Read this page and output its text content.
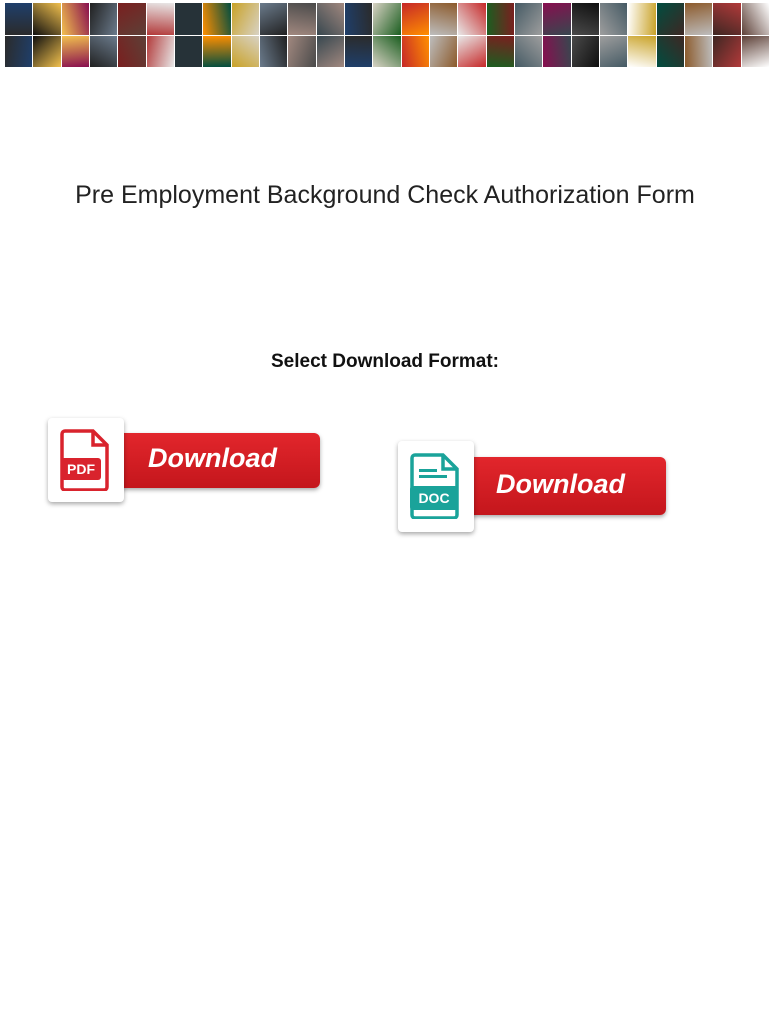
Pre Employment Background Check Authorization Form

Select Download Format:
Download
PDF	Download
DOC
